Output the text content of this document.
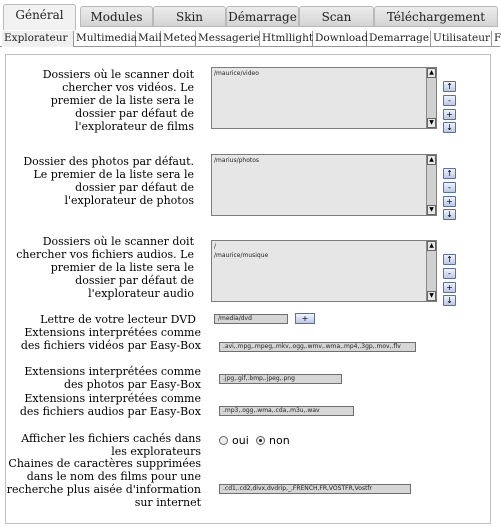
Général	Modules	Skin	Démarrage	Scan	Téléchargement
Explorateur Multimedia Mail Meteo Messagerie Htmllight Download Demarrage Utilisateur F
Dossiers où le scanner doit chercher vos vidéos. Le premier de la liste sera le dossier par défaut de l'explorateur de films
/maurice/video	▲
▼
↑
-
+
↓
Dossier des photos par défaut. Le premier de la liste sera le dossier par défaut de l'explorateur de photos
/marius/photos	▲
▼
↑
-
+
↓
Dossiers où le scanner doit chercher vos fichiers audios. Le premier de la liste sera le dossier par défaut de l'explorateur audio
/
/maurice/musique
▲
▼
↑
-
+
↓
Lettre de votre lecteur DVD	/media/dvd	+
Extensions interprétées comme des fichiers vidéos par Easy-Box	.avi,.mpg,.mpeg,.mkv,.ogg,.wmv,.wma,.mp4,.3gp,.mov,.flv
Extensions interprétées comme des photos par Easy-Box	.jpg,.gif,.bmp,.jpeg,.png
Extensions interprétées comme des fichiers audios par Easy-Box	.mp3,.ogg,.wma,.cda,.m3u,.wav
Afficher les fichiers cachés dans les explorateurs
oui non
Chaines de caractères supprimées dans le nom des films pour une recherche plus aisée d'information sur internet
.cd1,.cd2,divx,dvdrip,_,FRENCH,FR,VOSTFR,Vostfr
